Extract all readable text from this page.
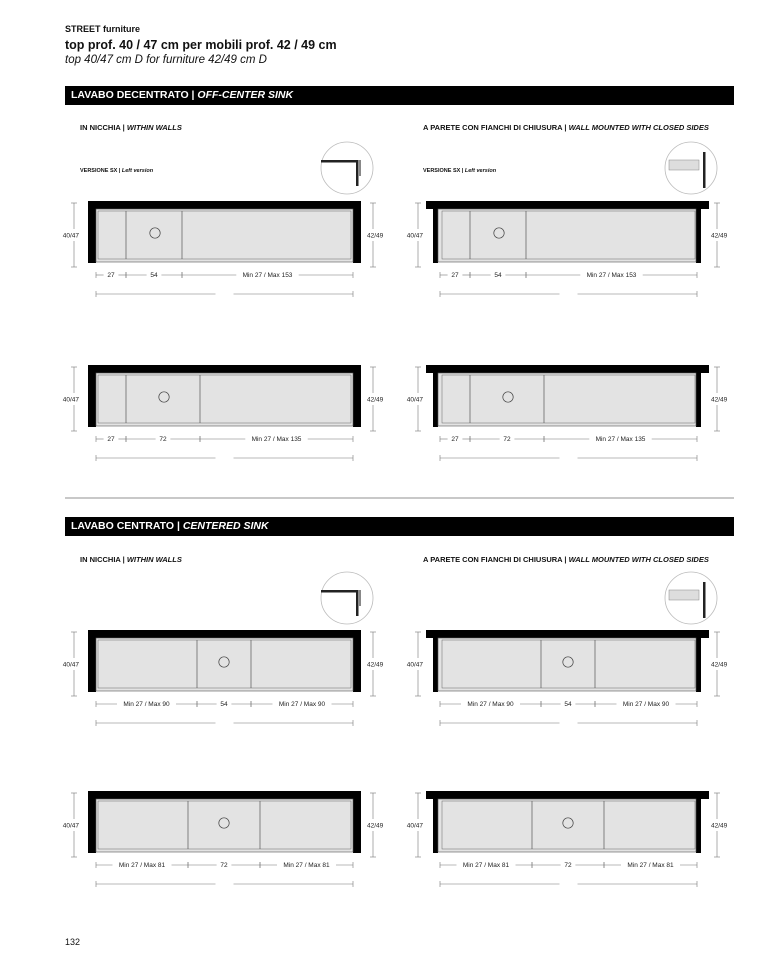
STREET furniture
top prof. 40 / 47 cm per mobili prof. 42 / 49 cm
top 40/47 cm D for furniture 42/49 cm D
LAVABO DECENTRATO | OFF-CENTER SINK
IN NICCHIA | WITHIN WALLS	A PARETE CON FIANCHI DI CHIUSURA | WALL MOUNTED WITH CLOSED SIDES
VERSIONE SX | Left version	VERSIONE SX | Left version
LAVABO CENTRATO | CENTERED SINK
IN NICCHIA | WITHIN WALLS	A PARETE CON FIANCHI DI CHIUSURA | WALL MOUNTED WITH CLOSED SIDES
132
40/47	42/49
27	54	Min 27 / Max 153
40/47	42/49
27	54	Min 27 / Max 153
40/47	42/49
27	72	Min 27 / Max 135
40/47	42/49
27	72	Min 27 / Max 135
40/47	42/49
Min 27 / Max 90	54	Min 27 / Max 90
40/47	42/49
Min 27 / Max 90	54	Min 27 / Max 90
40/47	42/49
Min 27 / Max 81	72	Min 27 / Max 81
40/47	42/49
Min 27 / Max 81	72	Min 27 / Max 81
